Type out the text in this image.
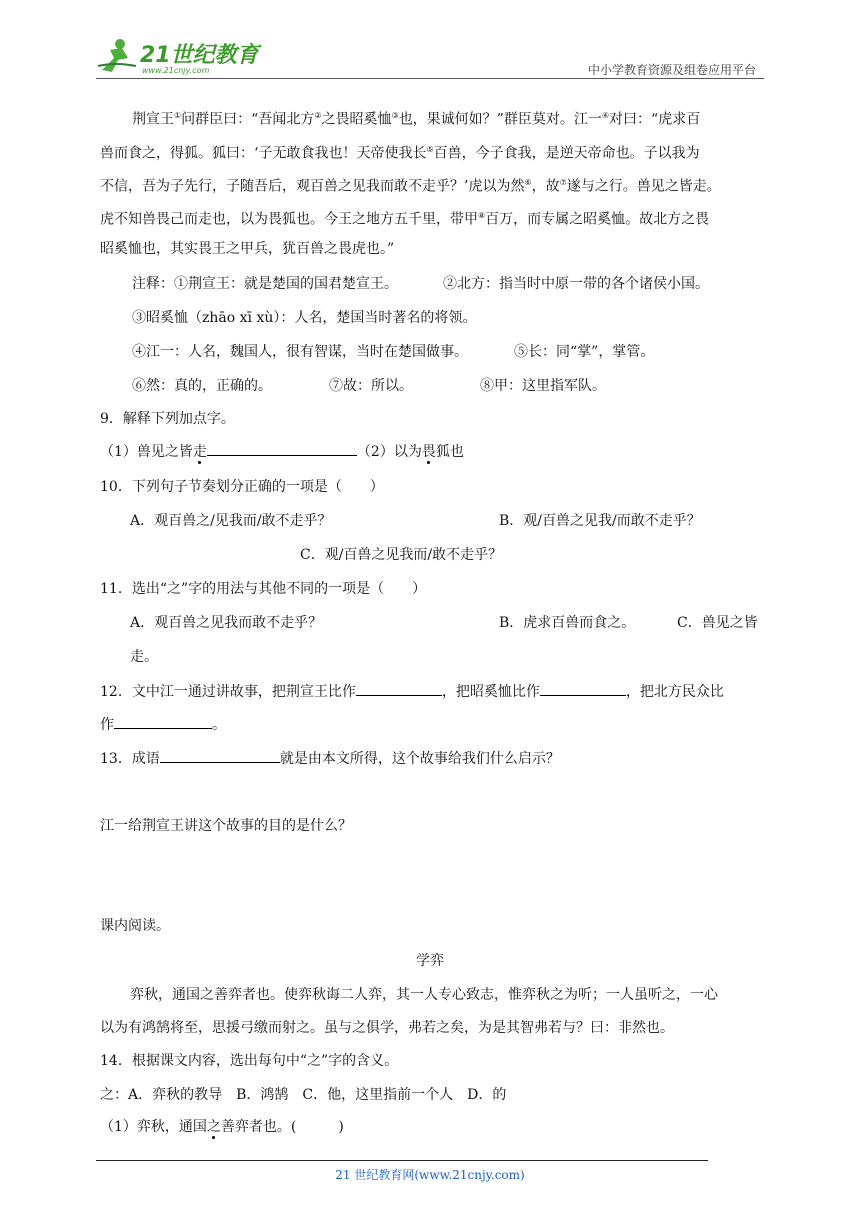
21世纪教育
www.21cnjy.com	中小学教育资源及组卷应用平台
荆宣王①问群臣曰：“吾闻北方②之畏昭奚恤③也，果诚何如？”群臣莫对。江一④对曰：“虎求百
兽而食之，得狐。狐曰：‘子无敢食我也！天帝使我长⑤百兽，今子食我，是逆天帝命也。子以我为
不信，吾为子先行，子随吾后，观百兽之见我而敢不走乎？’虎以为然⑥，故⑦遂与之行。兽见之皆走。
虎不知兽畏己而走也，以为畏狐也。今王之地方五千里，带甲⑧百万，而专属之昭奚恤。故北方之畏
昭奚恤也，其实畏王之甲兵，犹百兽之畏虎也。”
注释：①荆宣王：就是楚国的国君楚宣王。	②北方：指当时中原一带的各个诸侯小国。
③昭奚恤（zhāo xī xù）：人名，楚国当时著名的将领。
④江一：人名，魏国人，很有智谋，当时在楚国做事。	⑤长：同“掌”，掌管。
⑥然：真的，正确的。	⑦故：所以。	⑧甲：这里指军队。
9．解释下列加点字。
（1）兽见之皆走	（2）以为畏狐也
10．下列句子节奏划分正确的一项是（　　）
A．观百兽之/见我而/敢不走乎？	B．观/百兽之见我/而敢不走乎？
C．观/百兽之见我而/敢不走乎？
11．选出“之”字的用法与其他不同的一项是（　　）
A．观百兽之见我而敢不走乎？	B．虎求百兽而食之。	C．兽见之皆
走。
12．文中江一通过讲故事，把荆宣王比作	，把昭奚恤比作	，把北方民众比
作	。
13．成语	就是由本文所得，这个故事给我们什么启示？
江一给荆宣王讲这个故事的目的是什么？
课内阅读。
学弈
弈秋，通国之善弈者也。使弈秋诲二人弈，其一人专心致志，惟弈秋之为听；一人虽听之，一心
以为有鸿鹄将至，思援弓缴而射之。虽与之俱学，弗若之矣，为是其智弗若与？曰：非然也。
14．根据课文内容，选出每句中“之”字的含义。
之：A．弈秋的教导　B．鸿鹄　C．他，这里指前一个人　D．的
（1）弈秋，通国之善弈者也。(　　　)
21 世纪教育网(www.21cnjy.com)
